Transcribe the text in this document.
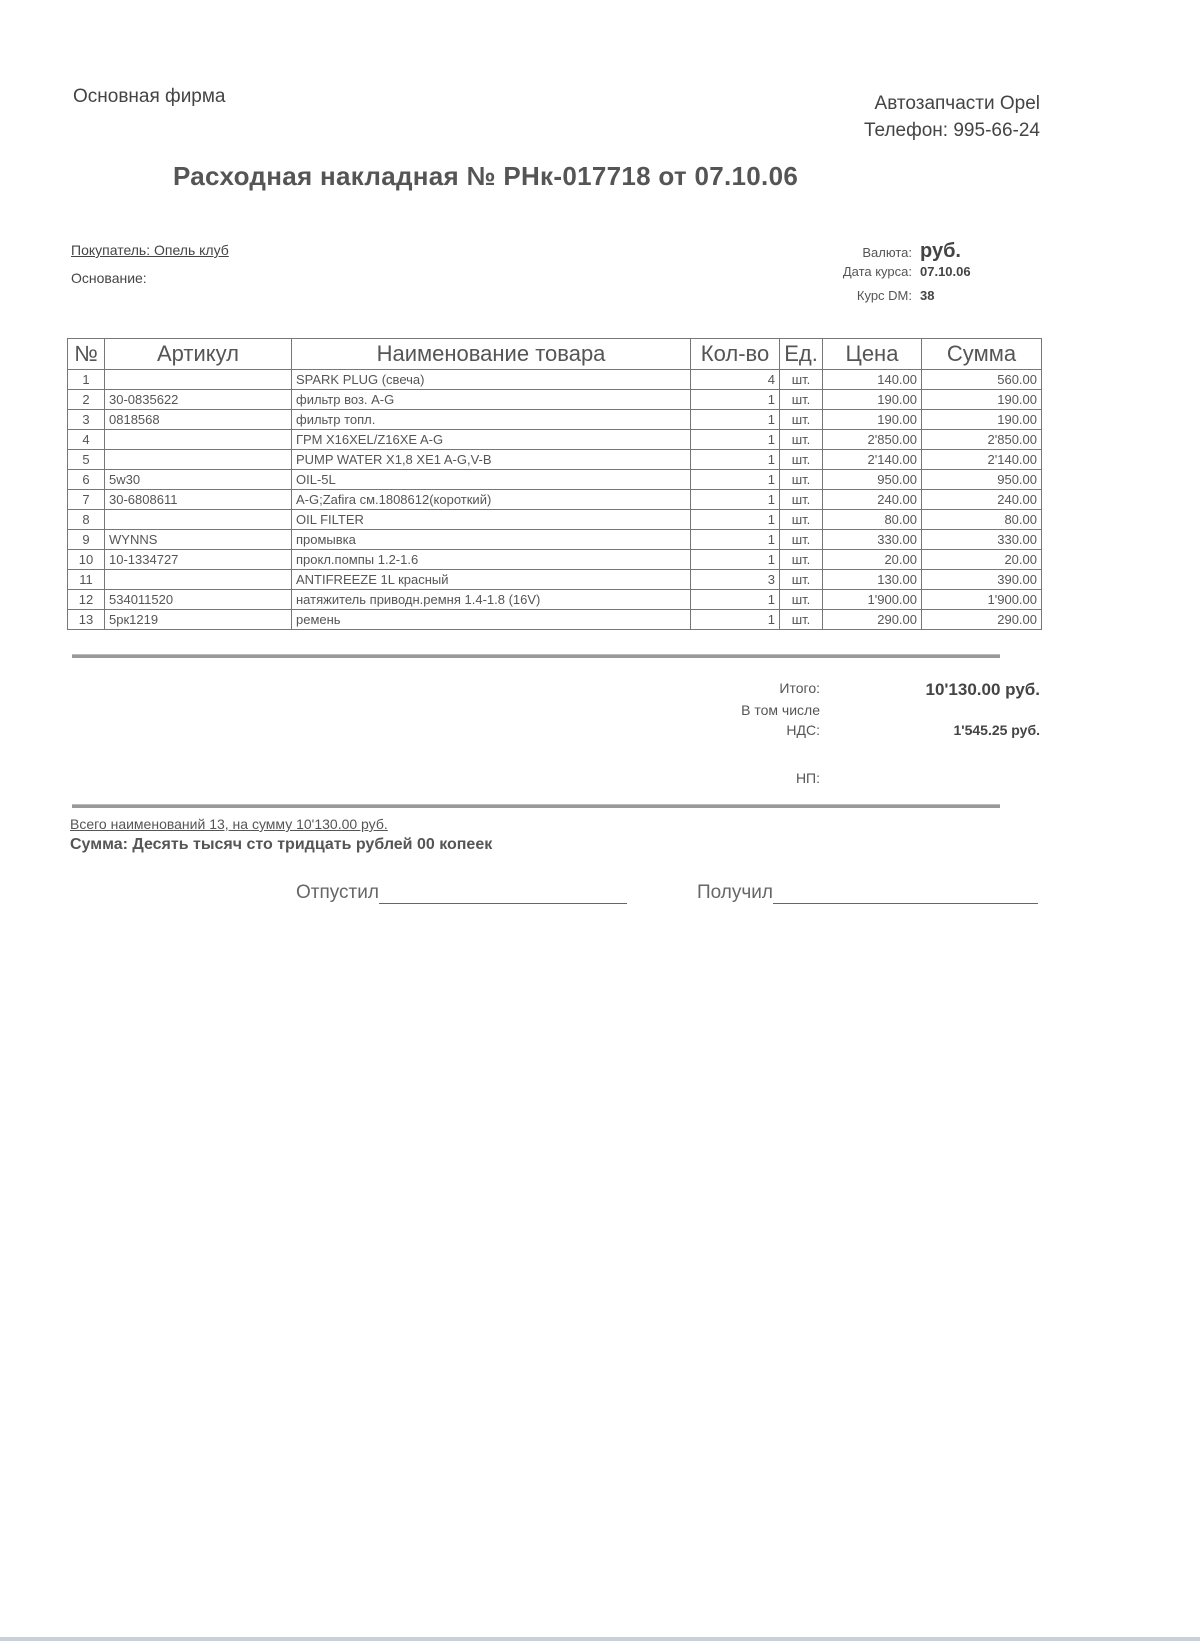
Основная фирма	Автозапчасти Opel
Телефон: 995-66-24
Расходная накладная № РНк-017718 от 07.10.06
Покупатель: Опель клуб
Основание:
Валюта: руб.
Дата курса: 07.10.06
Курс DM: 38
№	Артикул	Наименование товара	Кол-во	Ед.	Цена	Сумма
1		SPARK PLUG (свеча)	4	шт.	140.00	560.00
2	30-0835622	фильтр воз. A-G	1	шт.	190.00	190.00
3	0818568	фильтр топл.	1	шт.	190.00	190.00
4		ГРМ X16XEL/Z16XE A-G	1	шт.	2'850.00	2'850.00
5		PUMP WATER X1,8 XE1 A-G,V-B	1	шт.	2'140.00	2'140.00
6	5w30	OIL-5L	1	шт.	950.00	950.00
7	30-6808611	A-G;Zafira см.1808612(короткий)	1	шт.	240.00	240.00
8		OIL FILTER	1	шт.	80.00	80.00
9	WYNNS	промывка	1	шт.	330.00	330.00
10	10-1334727	прокл.помпы 1.2-1.6	1	шт.	20.00	20.00
11		ANTIFREEZE 1L красный	3	шт.	130.00	390.00
12	534011520	натяжитель приводн.ремня 1.4-1.8 (16V)	1	шт.	1'900.00	1'900.00
13	5рк1219	ремень	1	шт.	290.00	290.00
Итого:	10'130.00 руб.
В том числе
НДС:	1'545.25 руб.
НП:
Всего наименований 13, на сумму 10'130.00 руб.
Сумма: Десять тысяч сто тридцать рублей 00 копеек
Отпустил	Получил
